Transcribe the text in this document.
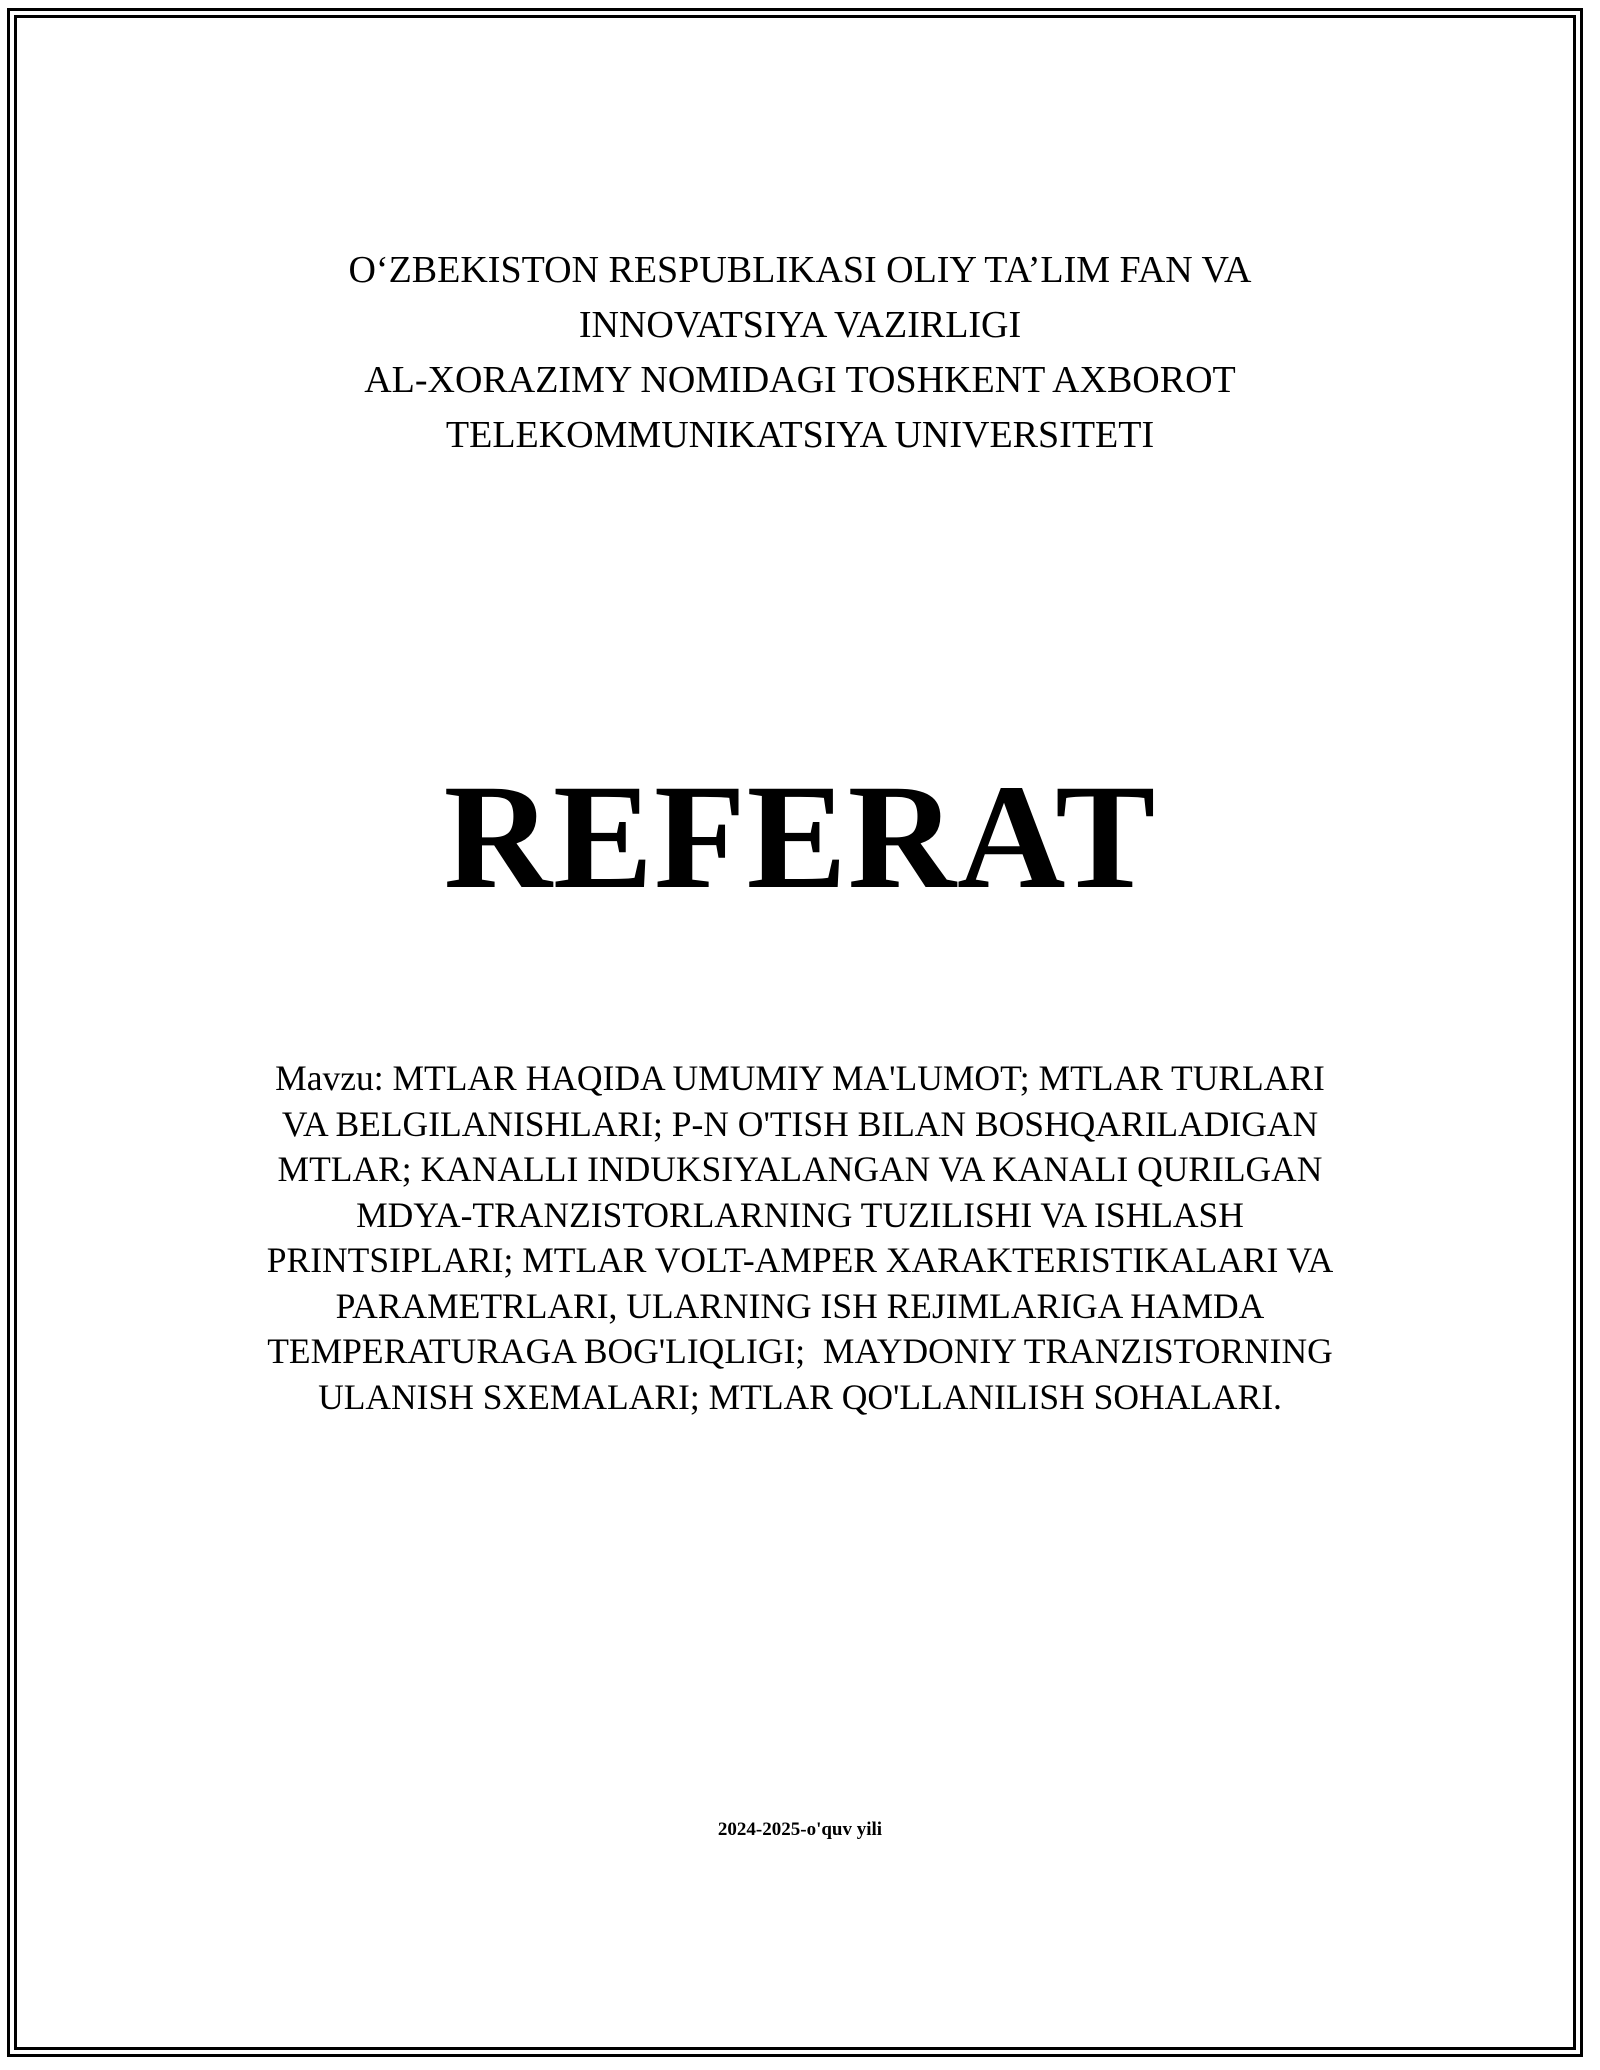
O‘ZBEKISTON RESPUBLIKASI OLIY TA’LIM FAN VA
INNOVATSIYA VAZIRLIGI
AL-XORAZIMY NOMIDAGI TOSHKENT AXBOROT
TELEKOMMUNIKATSIYA UNIVERSITETI
REFERAT
Mavzu: MTLAR HAQIDA UMUMIY MA'LUMOT; MTLAR TURLARI
VA BELGILANISHLARI; P-N O'TISH BILAN BOSHQARILADIGAN
MTLAR; KANALLI INDUKSIYALANGAN VA KANALI QURILGAN
MDYA-TRANZISTORLARNING TUZILISHI VA ISHLASH
PRINTSIPLARI; MTLAR VOLT-AMPER XARAKTERISTIKALARI VA
PARAMETRLARI, ULARNING ISH REJIMLARIGA HAMDA
TEMPERATURAGA BOG'LIQLIGI;  MAYDONIY TRANZISTORNING
ULANISH SXEMALARI; MTLAR QO'LLANILISH SOHALARI.
2024-2025-o'quv yili
